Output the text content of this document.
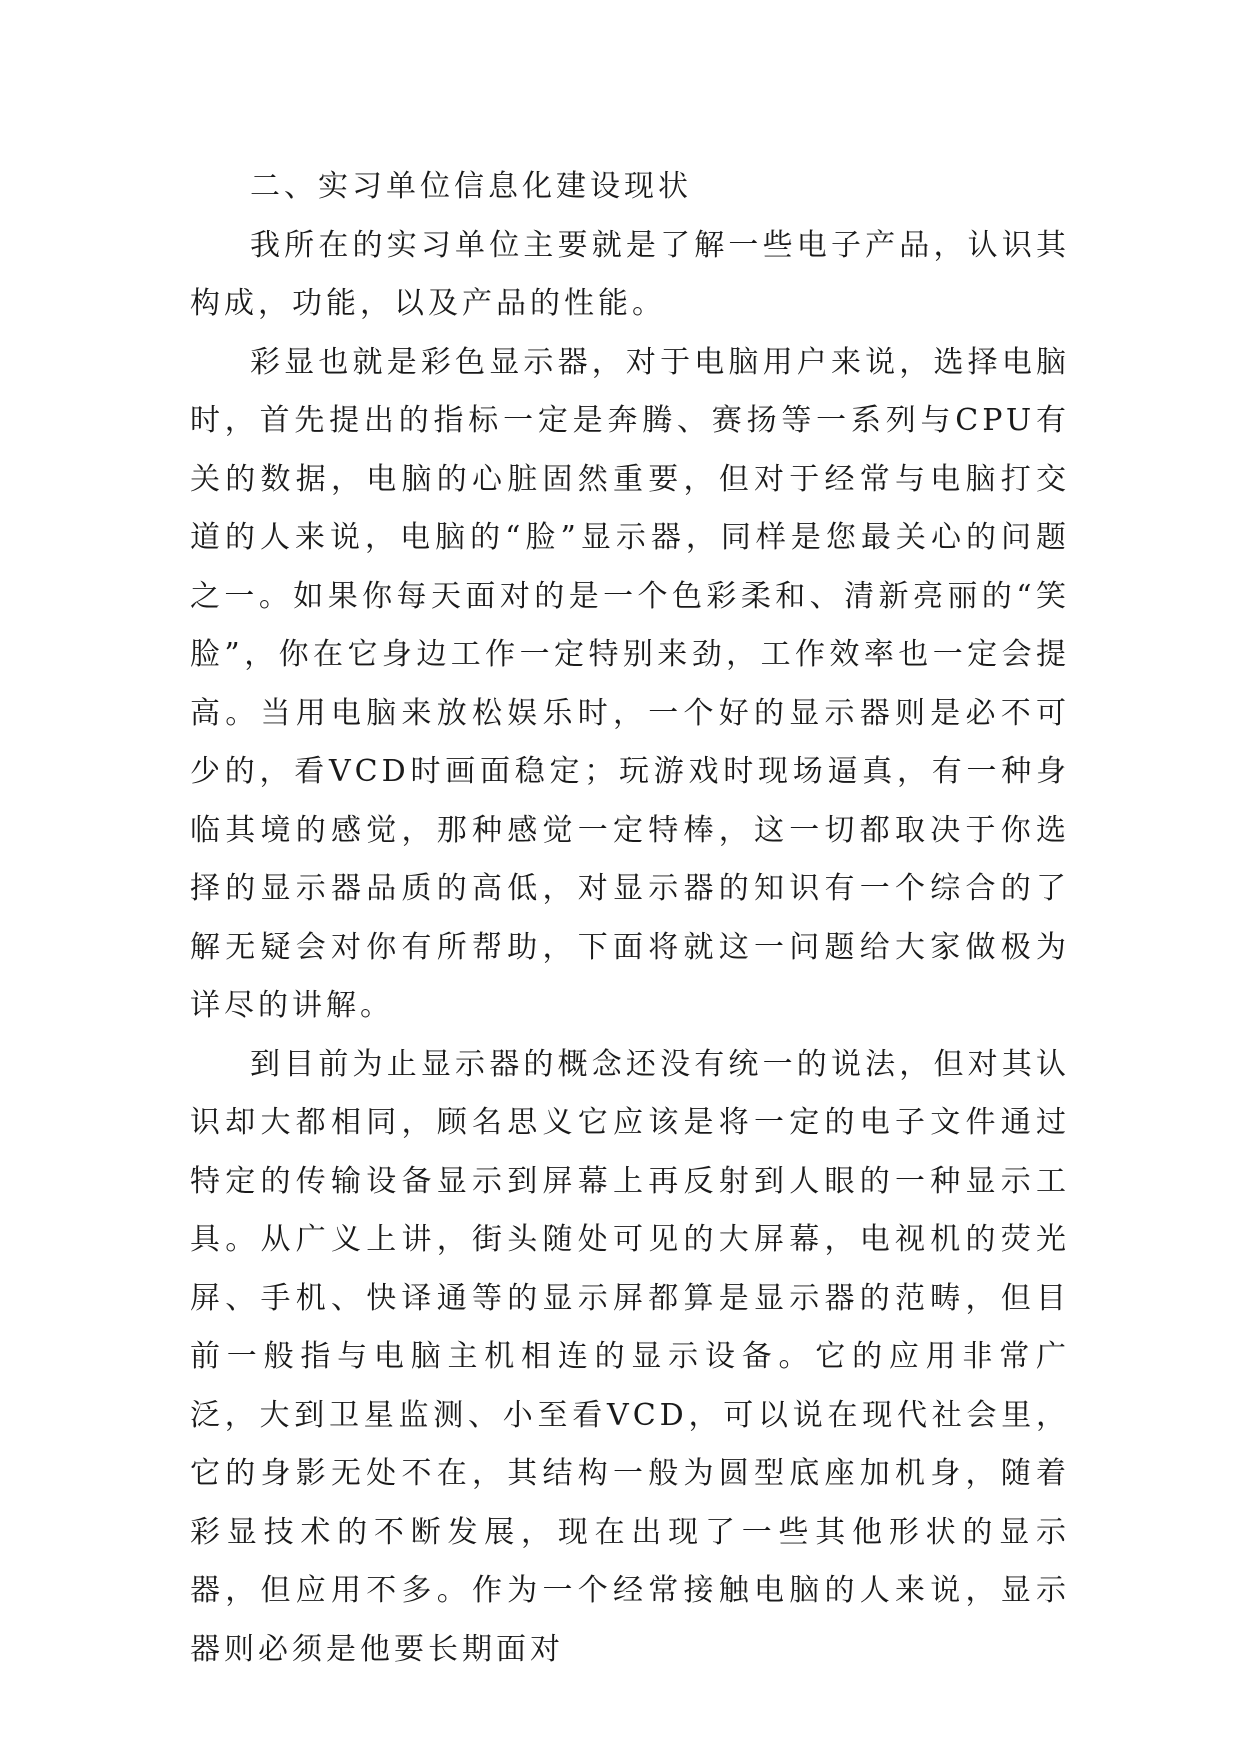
二、实习单位信息化建设现状

我所在的实习单位主要就是了解一些电子产品，认识其构成，功能，以及产品的性能。

彩显也就是彩色显示器，对于电脑用户来说，选择电脑时，首先提出的指标一定是奔腾、赛扬等一系列与CPU有关的数据，电脑的心脏固然重要，但对于经常与电脑打交道的人来说，电脑的“脸”显示器，同样是您最关心的问题之一。如果你每天面对的是一个色彩柔和、清新亮丽的“笑脸”，你在它身边工作一定特别来劲，工作效率也一定会提高。当用电脑来放松娱乐时，一个好的显示器则是必不可少的，看VCD时画面稳定；玩游戏时现场逼真，有一种身临其境的感觉，那种感觉一定特棒，这一切都取决于你选择的显示器品质的高低，对显示器的知识有一个综合的了解无疑会对你有所帮助，下面将就这一问题给大家做极为详尽的讲解。

到目前为止显示器的概念还没有统一的说法，但对其认识却大都相同，顾名思义它应该是将一定的电子文件通过特定的传输设备显示到屏幕上再反射到人眼的一种显示工具。从广义上讲，街头随处可见的大屏幕，电视机的荧光屏、手机、快译通等的显示屏都算是显示器的范畴，但目前一般指与电脑主机相连的显示设备。它的应用非常广泛，大到卫星监测、小至看VCD，可以说在现代社会里，它的身影无处不在，其结构一般为圆型底座加机身，随着彩显技术的不断发展，现在出现了一些其他形状的显示器，但应用不多。作为一个经常接触电脑的人来说，显示器则必须是他要长期面对
